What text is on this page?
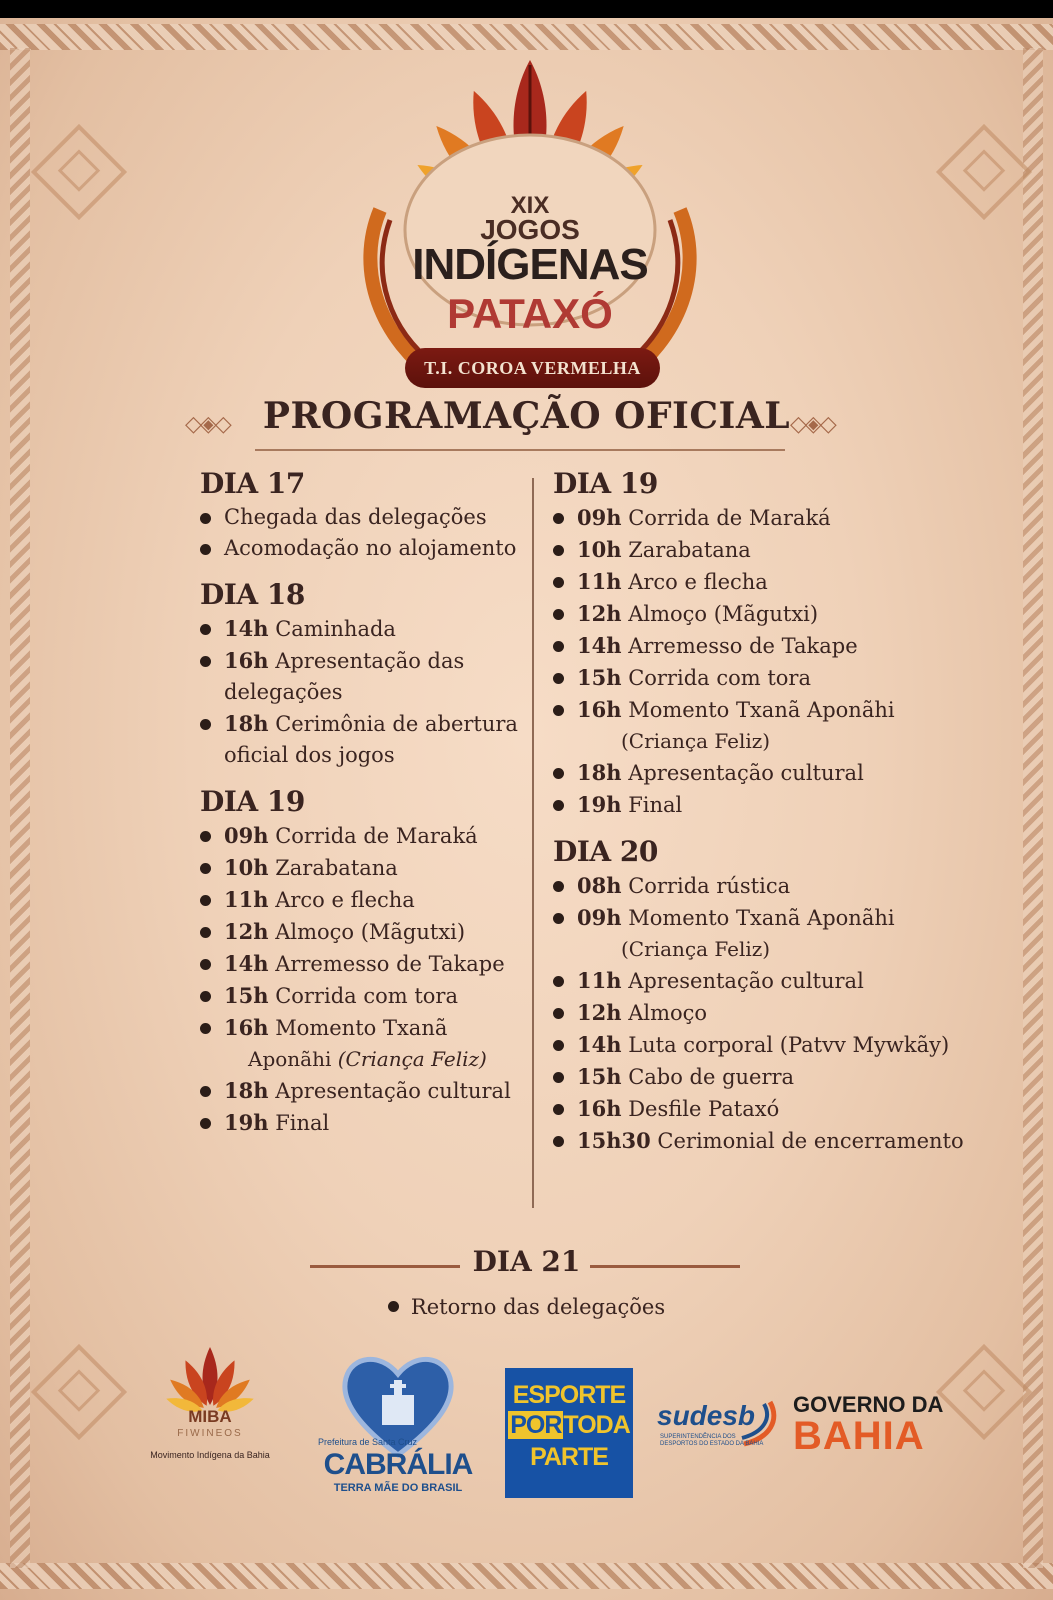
XIX
JOGOS
INDÍGENAS
PATAXÓ
T.I. COROA VERMELHA
◇◈◇ PROGRAMAÇÃO OFICIAL ◇◈◇
DIA 17
Chegada das delegações
Acomodação no alojamento
DIA 18
14h Caminhada
16h Apresentação das
delegações
18h Cerimônia de abertura
oficial dos jogos
DIA 19
09h Corrida de Maraká
10h Zarabatana
11h Arco e flecha
12h Almoço (Mãgutxi)
14h Arremesso de Takape
15h Corrida com tora
16h Momento Txanã
Aponãhi (Criança Feliz)
18h Apresentação cultural
19h Final
DIA 19
09h Corrida de Maraká
10h Zarabatana
11h Arco e flecha
12h Almoço (Mãgutxi)
14h Arremesso de Takape
15h Corrida com tora
16h Momento Txanã Aponãhi
(Criança Feliz)
18h Apresentação cultural
19h Final
DIA 20
08h Corrida rústica
09h Momento Txanã Aponãhi
(Criança Feliz)
11h Apresentação cultural
12h Almoço
14h Luta corporal (Patvv Mywkãy)
15h Cabo de guerra
16h Desfile Pataxó
15h30 Cerimonial de encerramento
DIA 21
Retorno das delegações
MIBA
FIWINEOS
Movimento Indígena da Bahia
Prefeitura de Santa Cruz
CABRÁLIA
TERRA MÃE DO BRASIL
ESPORTE
PORTODA
PARTE
sudesb
SUPERINTENDÊNCIA DOS DESPORTOS DO ESTADO DA BAHIA
GOVERNO DA
BAHIA
